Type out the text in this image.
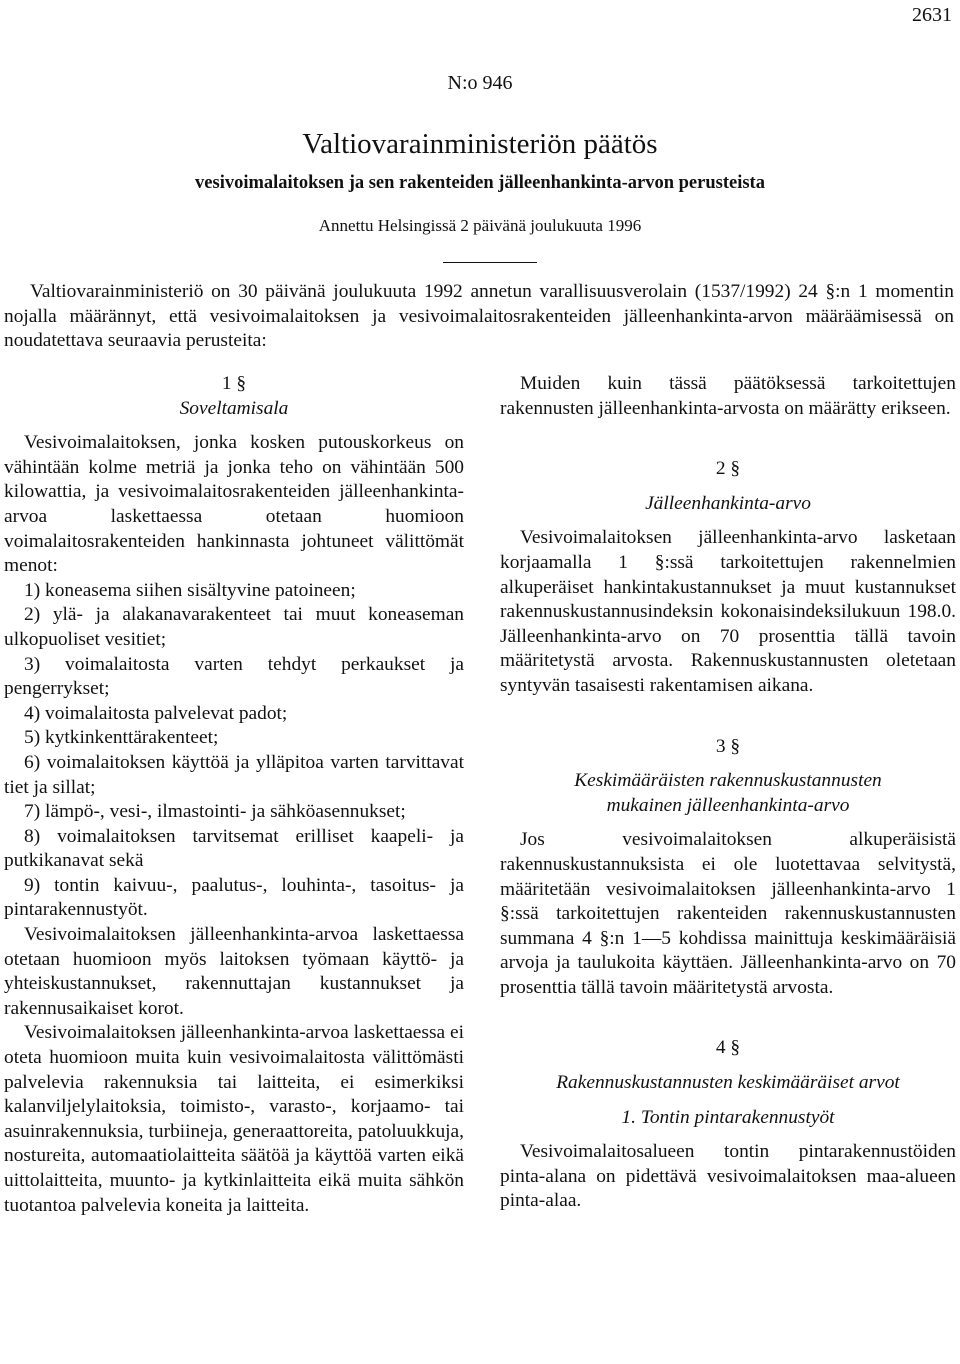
2631
N:o 946
Valtiovarainministeriön päätös
vesivoimalaitoksen ja sen rakenteiden jälleenhankinta-arvon perusteista
Annettu Helsingissä 2 päivänä joulukuuta 1996

Valtiovarainministeriö on 30 päivänä joulukuuta 1992 annetun varallisuusverolain (1537/1992) 24 §:n 1 momentin nojalla määrännyt, että vesivoimalaitoksen ja vesivoimalaitosrakenteiden jälleenhankinta-arvon määräämisessä on noudatettava seuraavia perusteita:

1 §
Soveltamisala

Vesivoimalaitoksen, jonka kosken putouskorkeus on vähintään kolme metriä ja jonka teho on vähintään 500 kilowattia, ja vesivoimalaitosrakenteiden jälleenhankinta-arvoa laskettaessa otetaan huomioon voimalaitosrakenteiden hankinnasta johtuneet välittömät menot:

1) koneasema siihen sisältyvine patoineen;

2) ylä- ja alakanavarakenteet tai muut koneaseman ulkopuoliset vesitiet;

3) voimalaitosta varten tehdyt perkaukset ja pengerrykset;

4) voimalaitosta palvelevat padot;

5) kytkinkenttärakenteet;

6) voimalaitoksen käyttöä ja ylläpitoa varten tarvittavat tiet ja sillat;

7) lämpö-, vesi-, ilmastointi- ja sähköasennukset;

8) voimalaitoksen tarvitsemat erilliset kaapeli- ja putkikanavat sekä

9) tontin kaivuu-, paalutus-, louhinta-, tasoitus- ja pintarakennustyöt.

Vesivoimalaitoksen jälleenhankinta-arvoa laskettaessa otetaan huomioon myös laitoksen työmaan käyttö- ja yhteiskustannukset, rakennuttajan kustannukset ja rakennusaikaiset korot.

Vesivoimalaitoksen jälleenhankinta-arvoa laskettaessa ei oteta huomioon muita kuin vesivoimalaitosta välittömästi palvelevia rakennuksia tai laitteita, ei esimerkiksi kalanviljelylaitoksia, toimisto-, varasto-, korjaamo- tai asuinrakennuksia, turbiineja, generaattoreita, patoluukkuja, nostureita, automaatiolaitteita säätöä ja käyttöä varten eikä uittolaitteita, muunto- ja kytkinlaitteita eikä muita sähkön tuotantoa palvelevia koneita ja laitteita.

Muiden kuin tässä päätöksessä tarkoitettujen rakennusten jälleenhankinta-arvosta on määrätty erikseen.

2 §
Jälleenhankinta-arvo

Vesivoimalaitoksen jälleenhankinta-arvo lasketaan korjaamalla 1 §:ssä tarkoitettujen rakennelmien alkuperäiset hankintakustannukset ja muut kustannukset rakennuskustannusindeksin kokonaisindeksilukuun 198.0. Jälleenhankinta-arvo on 70 prosenttia tällä tavoin määritetystä arvosta. Rakennuskustannusten oletetaan syntyvän tasaisesti rakentamisen aikana.

3 §
Keskimääräisten rakennuskustannusten
mukainen jälleenhankinta-arvo

Jos vesivoimalaitoksen alkuperäisistä rakennuskustannuksista ei ole luotettavaa selvitystä, määritetään vesivoimalaitoksen jälleenhankinta-arvo 1 §:ssä tarkoitettujen rakenteiden rakennuskustannusten summana 4 §:n 1—5 kohdissa mainittuja keskimääräisiä arvoja ja taulukoita käyttäen. Jälleenhankinta-arvo on 70 prosenttia tällä tavoin määritetystä arvosta.

4 §
Rakennuskustannusten keskimääräiset arvot
1. Tontin pintarakennustyöt

Vesivoimalaitosalueen tontin pintarakennustöiden pinta-alana on pidettävä vesivoimalaitoksen maa-alueen pinta-alaa.
